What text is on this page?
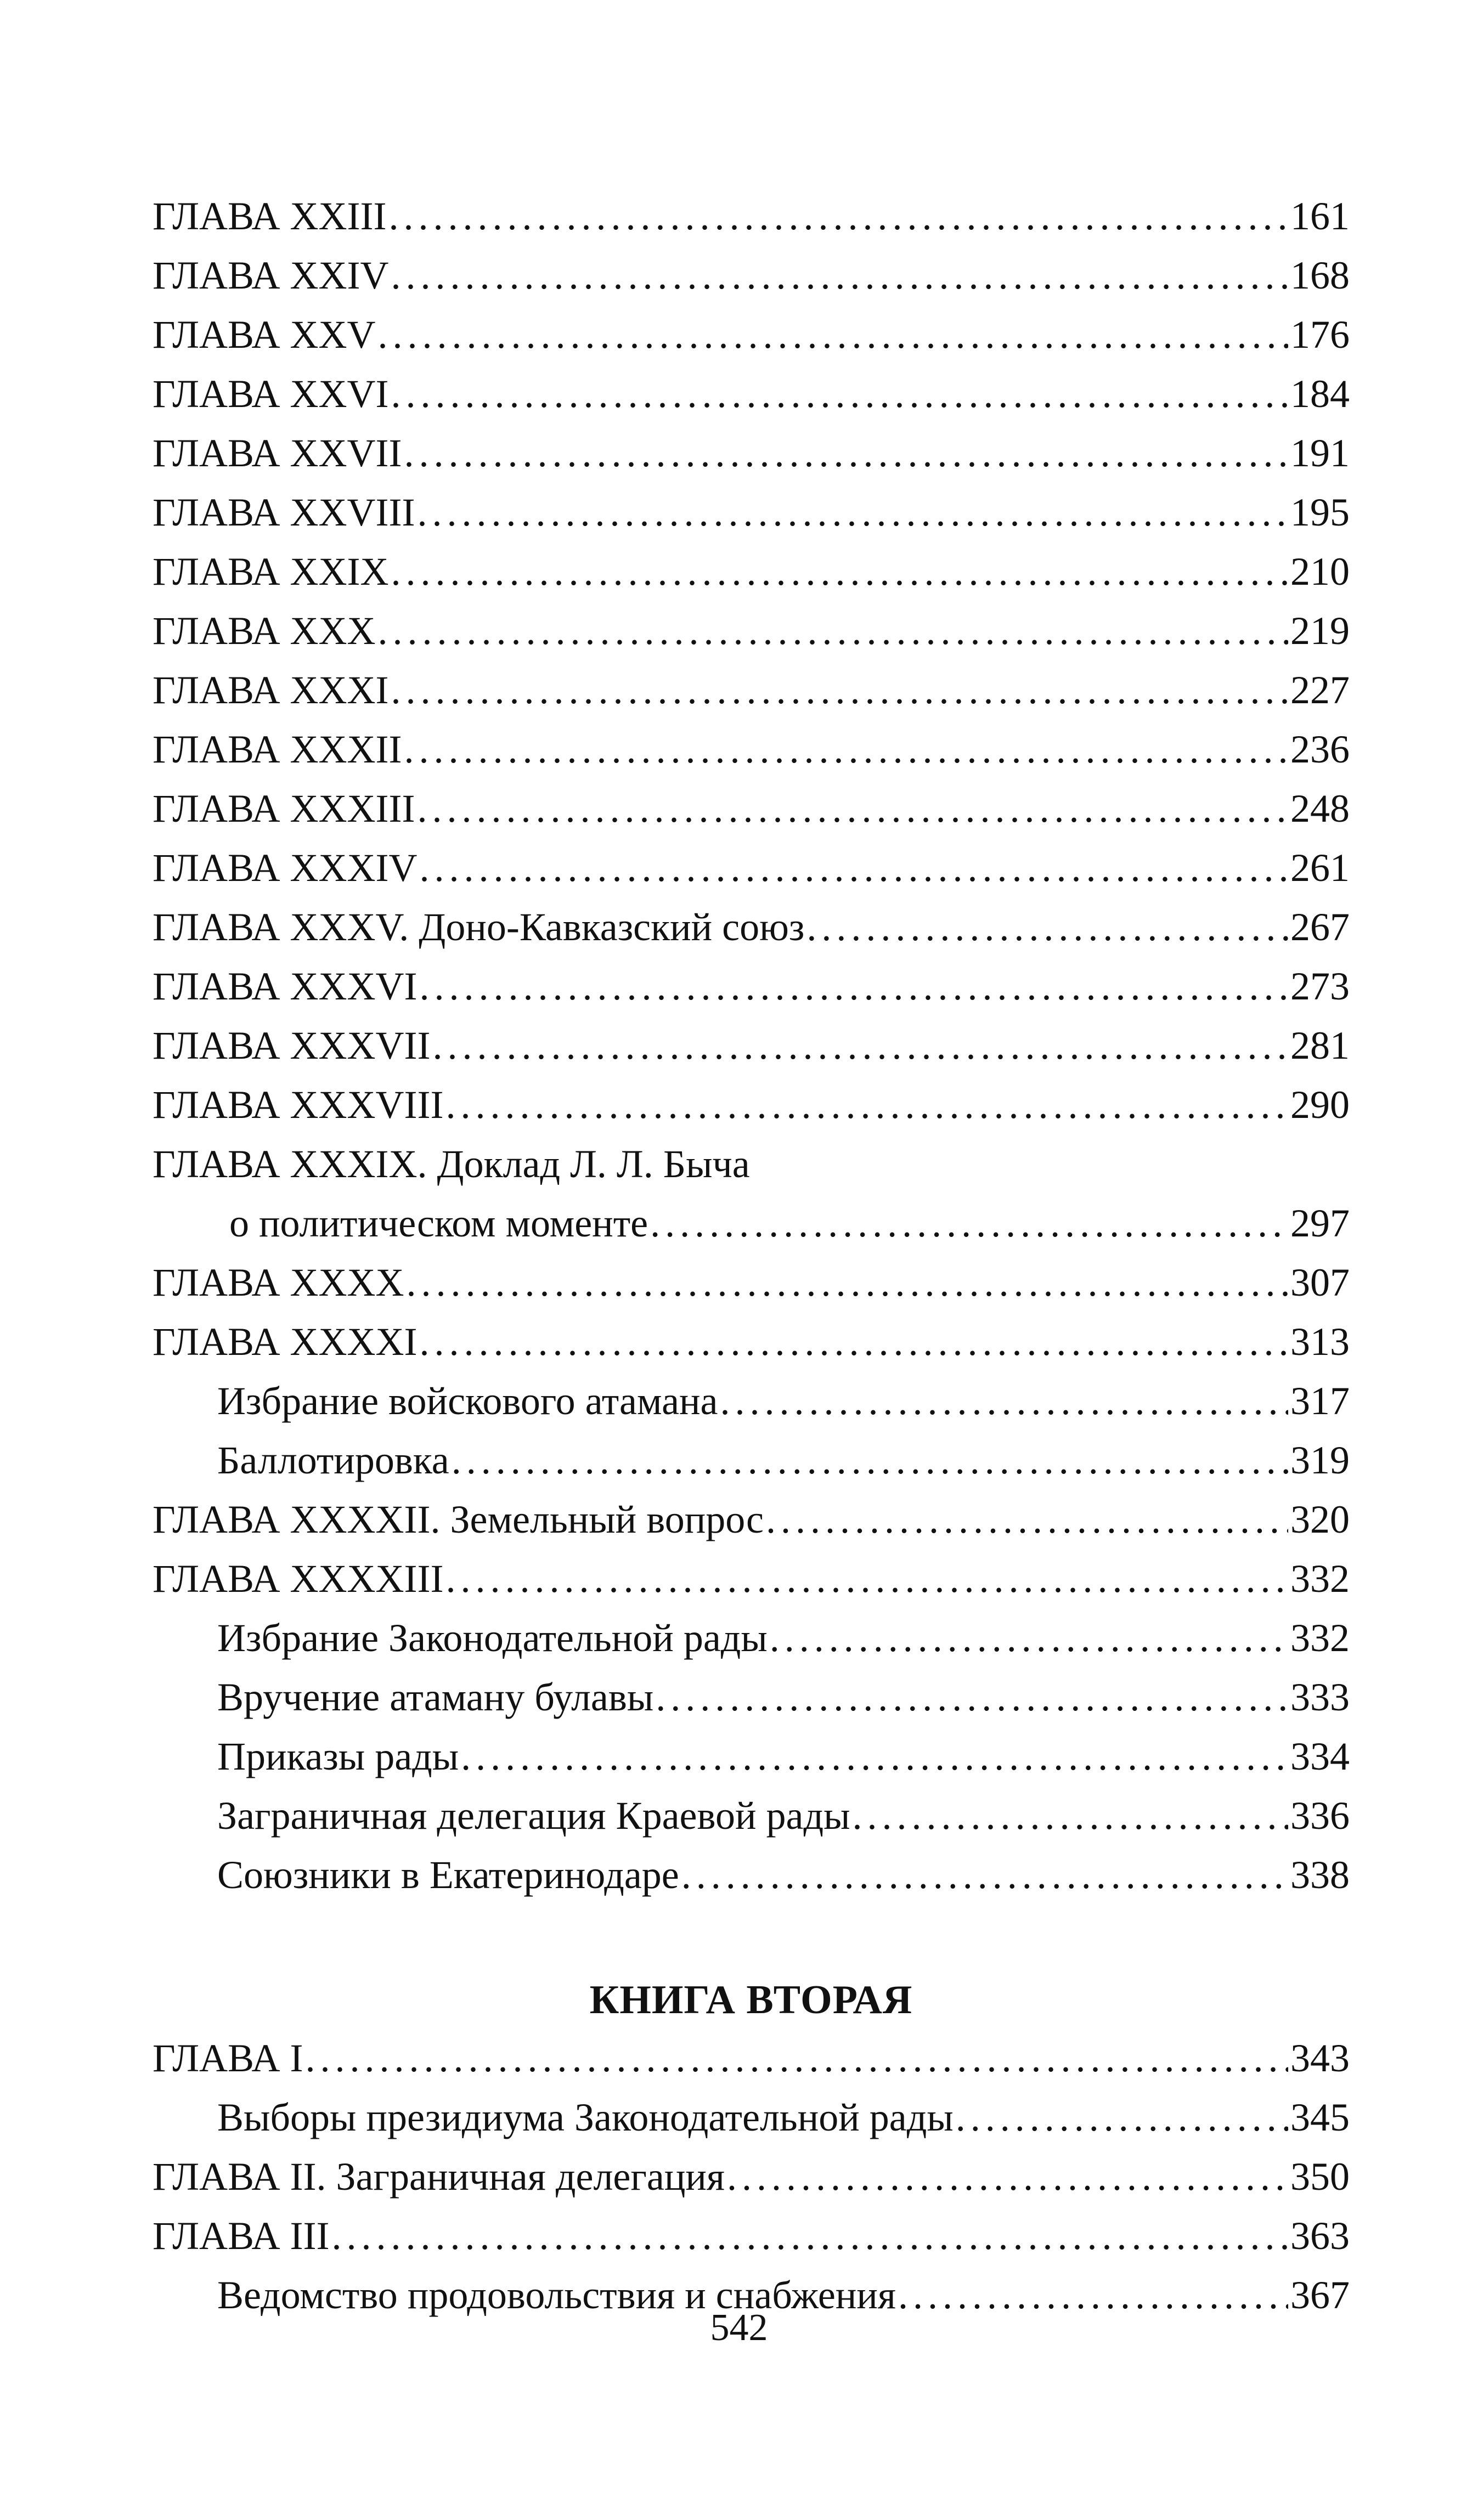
ГЛАВА XXIII .....	161
ГЛАВА XXIV .....	168
ГЛАВА XXV .....	176
ГЛАВА XXVI .....	184
ГЛАВА XXVII .....	191
ГЛАВА XXVIII .....	195
ГЛАВА XXIX .....	210
ГЛАВА XXX .....	219
ГЛАВА XXXI .....	227
ГЛАВА XXXII .....	236
ГЛАВА XXXIII .....	248
ГЛАВА XXXIV .....	261
ГЛАВА XXXV. Доно-Кавказский союз .....	267
ГЛАВА XXXVI .....	273
ГЛАВА XXXVII .....	281
ГЛАВА XXXVIII .....	290
ГЛАВА XXXIX. Доклад Л. Л. Быча
о политическом моменте .....	297
ГЛАВА XXXX .....	307
ГЛАВА XXXXI .....	313
Избрание войскового атамана .....	317
Баллотировка .....	319
ГЛАВА XXXXII. Земельный вопрос .....	320
ГЛАВА XXXXIII .....	332
Избрание Законодательной рады .....	332
Вручение атаману булавы .....	333
Приказы рады .....	334
Заграничная делегация Краевой рады .....	336
Союзники в Екатеринодаре .....	338
КНИГА ВТОРАЯ
ГЛАВА I .....	343
Выборы президиума Законодательной рады .....	345
ГЛАВА II. Заграничная делегация .....	350
ГЛАВА III .....	363
Ведомство продовольствия и снабжения .....	367
542
